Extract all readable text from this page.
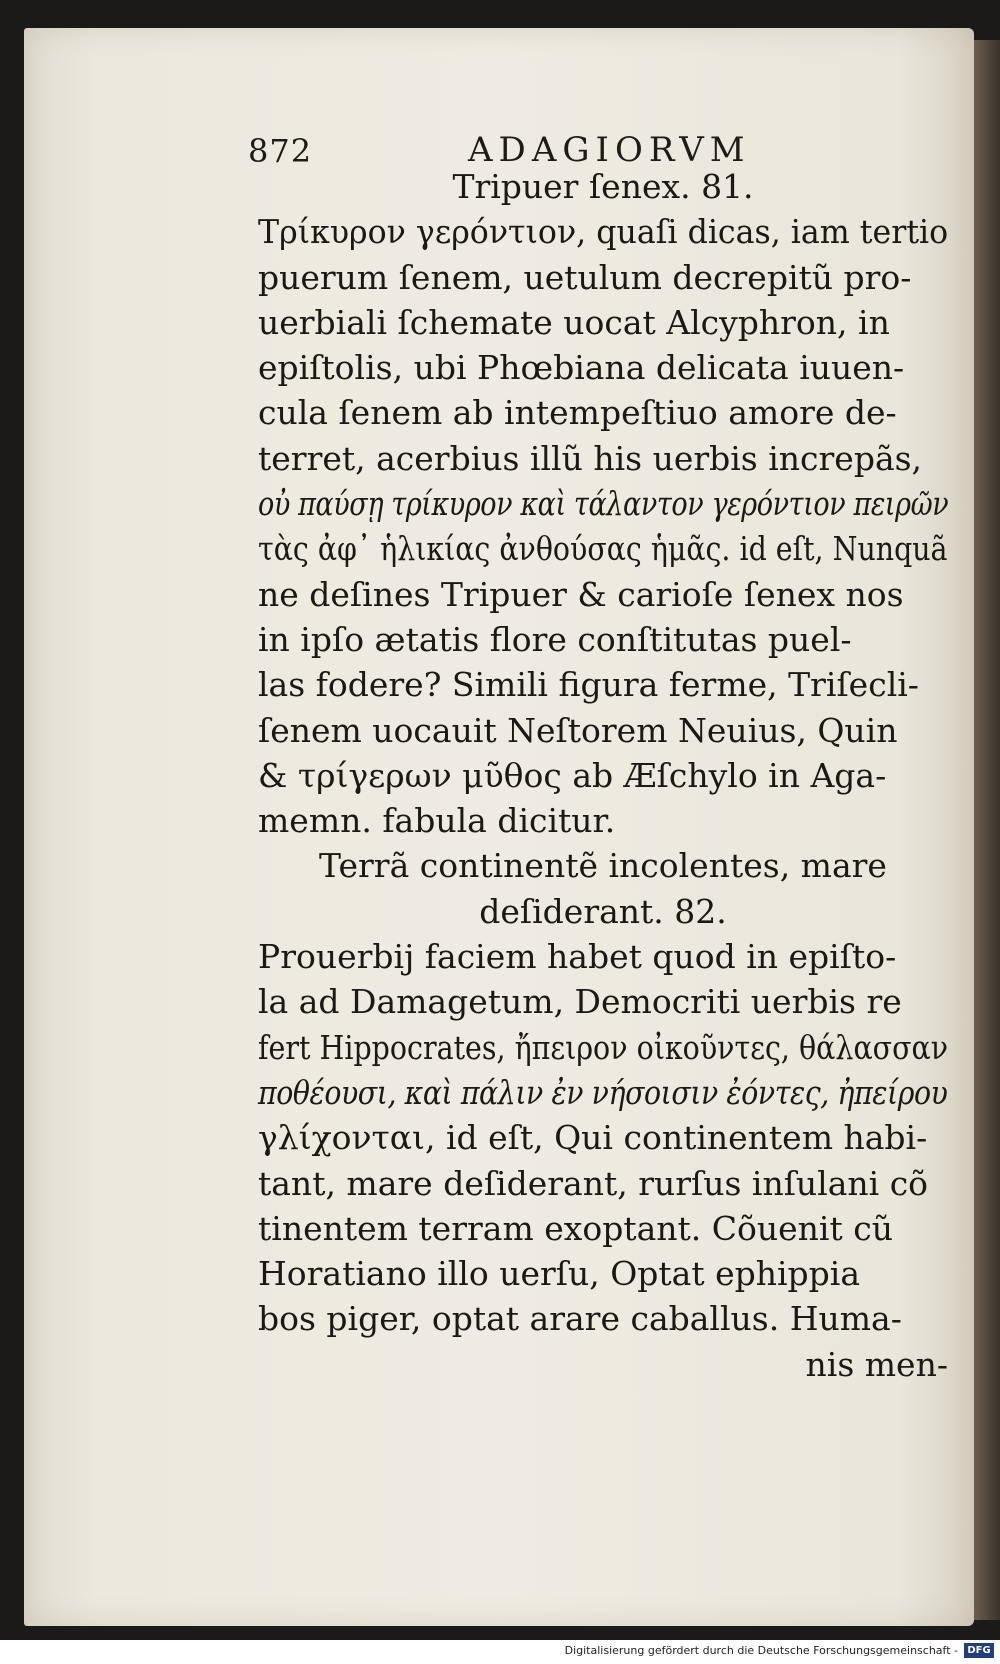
872	ADAGIORVM
Tripuer ſenex. 81.
Τρίκυρον γερόντιον, quaſi dicas, iam tertio
puerum ſenem, uetulum decrepitũ pro-
uerbiali ſchemate uocat Alcyphron, in
epiſtolis, ubi Phœbiana delicata iuuen-
cula ſenem ab intempeſtiuo amore de-
terret, acerbius illũ his uerbis increpãs,
οὐ παύσῃ τρίκυρον καὶ τάλαντον γερόντιον πειρῶν
τὰς ἀφ᾽ ἡλικίας ἀνθούσας ἡμᾶς. id eſt, Nunquã
ne deſines Tripuer & carioſe ſenex nos
in ipſo ætatis flore conſtitutas puel-
las fodere? Simili figura ferme, Triſecli-
ſenem uocauit Neſtorem Neuius, Quin
& τρίγερων μῦθος ab Æſchylo in Aga-
memn. fabula dicitur.
Terrã continentẽ incolentes, mare
deſiderant. 82.
Prouerbij faciem habet quod in epiſto-
la ad Damagetum, Democriti uerbis re
fert Hippocrates, ἤπειρον οἰκοῦντες, θάλασσαν
ποθέουσι, καὶ πάλιν ἐν νήσοισιν ἐόντες, ἠπείρου
γλίχονται, id eſt, Qui continentem habi-
tant, mare deſiderant, rurſus inſulani cõ
tinentem terram exoptant. Cõuenit cũ
Horatiano illo uerſu, Optat ephippia
bos piger, optat arare caballus. Huma-
nis men-
Digitalisierung gefördert durch die Deutsche Forschungsgemeinschaft - DFG
